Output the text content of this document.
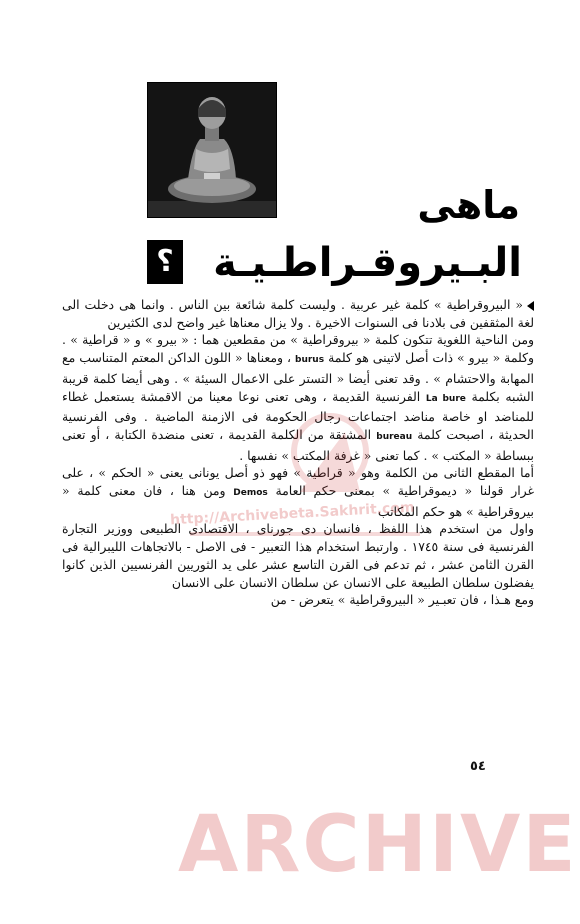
ماهى
البـيروقـراطـيـة
؟

« البيروقراطية » كلمة غير عربية . وليست كلمة شائعة بين الناس . وانما هى دخلت الى لغة المثقفين فى بلادنا فى السنوات الاخيرة . ولا يزال معناها غير واضح لدى الكثيرين

ومن الناحية اللغوية تتكون كلمة « بيروقراطية » من مقطعين هما : « بيرو » و « قراطية » . وكلمة « بيرو » ذات أصل لاتينى هو كلمة burus ، ومعناها « اللون الداكن المعتم المتناسب مع المهابة والاحتشام » . وقد تعنى أيضا « التستر على الاعمال السيئة » . وهى أيضا كلمة قريبة الشبه بكلمة La bure الفرنسية القديمة ، وهى تعنى نوعا معينا من الاقمشة يستعمل غطاء للمناضد او خاصة مناضد اجتماعات رجال الحكومة فى الازمنة الماضية . وفى الفرنسية الحديثة ، اصبحت كلمة bureau المشتقة من الكلمة القديمة ، تعنى منضدة الكتابة ، أو تعنى ببساطة « المكتب » . كما تعنى « غرفة المكتب » نفسها .

أما المقطع الثانى من الكلمة وهو « قراطية » فهو ذو أصل يونانى يعنى « الحكم » ، على غرار قولنا « ديموقراطية » بمعنى حكم العامة Demos ومن هنا ، فان معنى كلمة « بيروقراطية » هو حكم المكاتب

واول من استخدم هذا اللفظ ، فانسان دى جورناى ، الاقتصادى الطبيعى ووزير التجارة الفرنسية فى سنة ١٧٤٥ . وارتبط استخدام هذا التعبير - فى الاصل - بالاتجاهات الليبرالية فى القرن الثامن عشر ، ثم تدعم فى القرن التاسع عشر على يد الثوريين الفرنسيين الذين كانوا يفضلون سلطان الطبيعة على الانسان عن سلطان الانسان على الانسان

ومع هـذا ، فان تعبـير « البيروقراطية » يتعرض - من

٥٤
http://Archivebeta.Sakhrit.com
ARCHIVE
